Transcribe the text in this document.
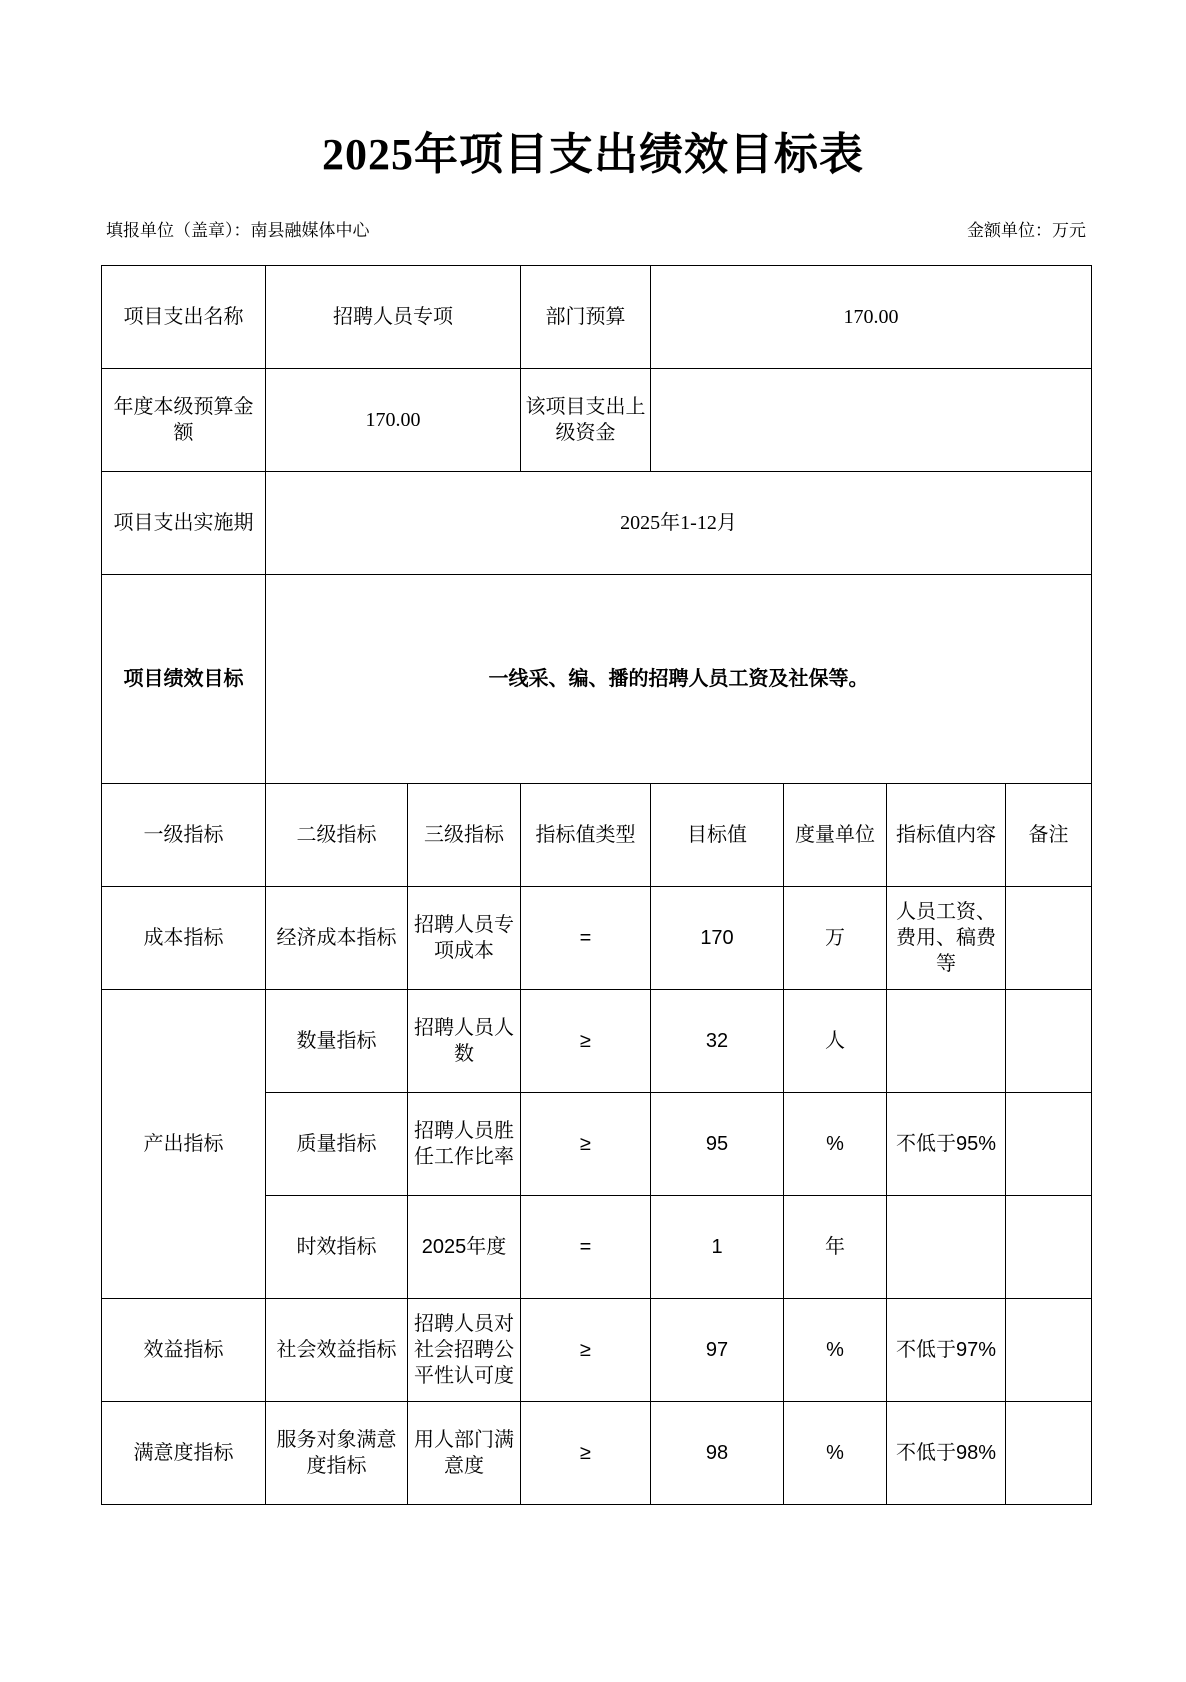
2025年项目支出绩效目标表
填报单位（盖章）：南县融媒体中心	金额单位：万元
项目支出名称	招聘人员专项		部门预算	170.00			
年度本级预算金额	170.00		该项目支出上级资金				
项目支出实施期	2025年1-12月						
项目绩效目标	一线采、编、播的招聘人员工资及社保等。						
一级指标	二级指标	三级指标	指标值类型	目标值	度量单位	指标值内容	备注
成本指标	经济成本指标	招聘人员专项成本	=	170	万	人员工资、费用、稿费等	
产出指标	数量指标	招聘人员人数	≥	32	人		
	质量指标	招聘人员胜任工作比率	≥	95	%	不低于95%	
	时效指标	2025年度	=	1	年		
效益指标	社会效益指标	招聘人员对社会招聘公平性认可度	≥	97	%	不低于97%	
满意度指标	服务对象满意度指标	用人部门满意度	≥	98	%	不低于98%	
